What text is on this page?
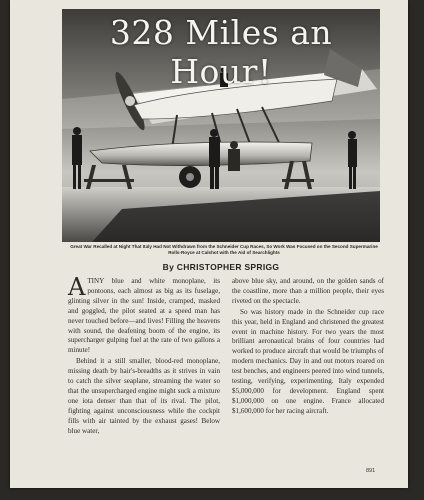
328 Miles an Hour!
Great War Recalled at Night That Italy Had Not Withdrawn from the Schneider Cup Races, So Work Was Focused on the Second Supermarine Rolls-Royce at Calshot with the Aid of Searchlights
By CHRISTOPHER SPRIGG

ATINY blue and white monoplane, its pontoons, each almost as big as its fuselage, glinting silver in the sun! Inside, cramped, masked and goggled, the pilot seated at a speed man has never touched before—and lives! Filling the heavens with sound, the deafening boom of the engine, its supercharger gulping fuel at the rate of two gallons a minute!

Behind it a still smaller, blood-red monoplane, missing death by hair's-breadths as it strives in vain to catch the silver seaplane, streaming the water so that the unsupercharged engine might suck a mixture one iota denser than that of its rival. The pilot, fighting against unconsciousness while the cockpit fills with air tainted by the exhaust gases! Below blue water,

above blue sky, and around, on the golden sands of the coastline, more than a million people, their eyes riveted on the spectacle.

So was history made in the Schneider cup race this year, held in England and christened the greatest event in machine history. For two years the most brilliant aeronautical brains of four countries had worked to produce aircraft that would be triumphs of modern mechanics. Day in and out motors roared on test benches, and engineers peered into wind tunnels, testing, verifying, experimenting. Italy expended $5,000,000 for development. England spent $1,000,000 on one engine. France allocated $1,600,000 for her racing aircraft.

891
